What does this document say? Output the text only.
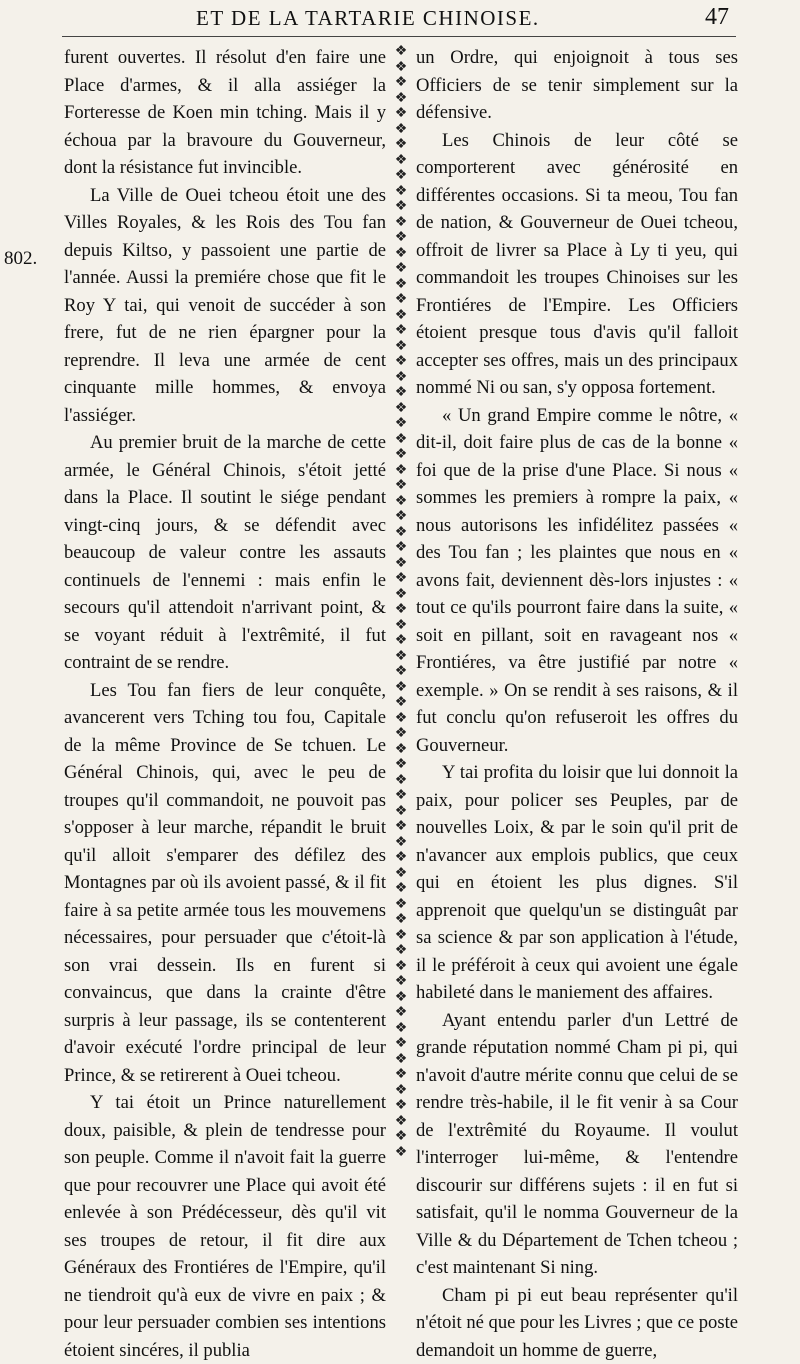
ET DE LA TARTARIE CHINOISE.	47
802.

furent ouvertes. Il résolut d'en faire une Place d'armes, & il alla assiéger la Forteresse de Koen min tching. Mais il y échoua par la bravoure du Gouverneur, dont la résistance fut invincible.

La Ville de Ouei tcheou étoit une des Villes Royales, & les Rois des Tou fan depuis Kiltso, y passoient une partie de l'année. Aussi la premiére chose que fit le Roy Y tai, qui venoit de succéder à son frere, fut de ne rien épargner pour la reprendre. Il leva une armée de cent cinquante mille hommes, & envoya l'assiéger.

Au premier bruit de la marche de cette armée, le Général Chinois, s'étoit jetté dans la Place. Il soutint le siége pendant vingt-cinq jours, & se défendit avec beaucoup de valeur contre les assauts continuels de l'ennemi : mais enfin le secours qu'il attendoit n'arrivant point, & se voyant réduit à l'extrêmité, il fut contraint de se rendre.

Les Tou fan fiers de leur conquête, avancerent vers Tching tou fou, Capitale de la même Province de Se tchuen. Le Général Chinois, qui, avec le peu de troupes qu'il commandoit, ne pouvoit pas s'opposer à leur marche, répandit le bruit qu'il alloit s'emparer des défilez des Montagnes par où ils avoient passé, & il fit faire à sa petite armée tous les mouvemens nécessaires, pour persuader que c'étoit-là son vrai dessein. Ils en furent si convaincus, que dans la crainte d'être surpris à leur passage, ils se contenterent d'avoir exécuté l'ordre principal de leur Prince, & se retirerent à Ouei tcheou.

Y tai étoit un Prince naturellement doux, paisible, & plein de tendresse pour son peuple. Comme il n'avoit fait la guerre que pour recouvrer une Place qui avoit été enlevée à son Prédécesseur, dès qu'il vit ses troupes de retour, il fit dire aux Généraux des Frontiéres de l'Empire, qu'il ne tiendroit qu'à eux de vivre en paix ; & pour leur persuader combien ses intentions étoient sincéres, il publia

❖
❖
❖
❖
❖
❖
❖
❖
❖
❖
❖
❖
❖
❖
❖
❖
❖
❖
❖
❖
❖
❖
❖
❖
❖
❖
❖
❖
❖
❖
❖
❖
❖
❖
❖
❖
❖
❖
❖
❖
❖
❖
❖
❖
❖
❖
❖
❖
❖
❖
❖
❖
❖
❖
❖
❖
❖
❖
❖
❖
❖
❖
❖
❖
❖
❖
❖
❖
❖
❖
❖
❖

un Ordre, qui enjoignoit à tous ses Officiers de se tenir simplement sur la défensive.

Les Chinois de leur côté se comporterent avec générosité en différentes occasions. Si ta meou, Tou fan de nation, & Gouverneur de Ouei tcheou, offroit de livrer sa Place à Ly ti yeu, qui commandoit les troupes Chinoises sur les Frontiéres de l'Empire. Les Officiers étoient presque tous d'avis qu'il falloit accepter ses offres, mais un des principaux nommé Ni ou san, s'y opposa fortement.

« Un grand Empire comme le nôtre, « dit-il, doit faire plus de cas de la bonne « foi que de la prise d'une Place. Si nous « sommes les premiers à rompre la paix, « nous autorisons les infidélitez passées « des Tou fan ; les plaintes que nous en « avons fait, deviennent dès-lors injustes : « tout ce qu'ils pourront faire dans la suite, « soit en pillant, soit en ravageant nos « Frontiéres, va être justifié par notre « exemple. » On se rendit à ses raisons, & il fut conclu qu'on refuseroit les offres du Gouverneur.

Y tai profita du loisir que lui donnoit la paix, pour policer ses Peuples, par de nouvelles Loix, & par le soin qu'il prit de n'avancer aux emplois publics, que ceux qui en étoient les plus dignes. S'il apprenoit que quelqu'un se distinguât par sa science & par son application à l'étude, il le préféroit à ceux qui avoient une égale habileté dans le maniement des affaires.

Ayant entendu parler d'un Lettré de grande réputation nommé Cham pi pi, qui n'avoit d'autre mérite connu que celui de se rendre très-habile, il le fit venir à sa Cour de l'extrêmité du Royaume. Il voulut l'interroger lui-même, & l'entendre discourir sur différens sujets : il en fut si satisfait, qu'il le nomma Gouverneur de la Ville & du Département de Tchen tcheou ; c'est maintenant Si ning.

Cham pi pi eut beau représenter qu'il n'étoit né que pour les Livres ; que ce poste demandoit un homme de guerre,
